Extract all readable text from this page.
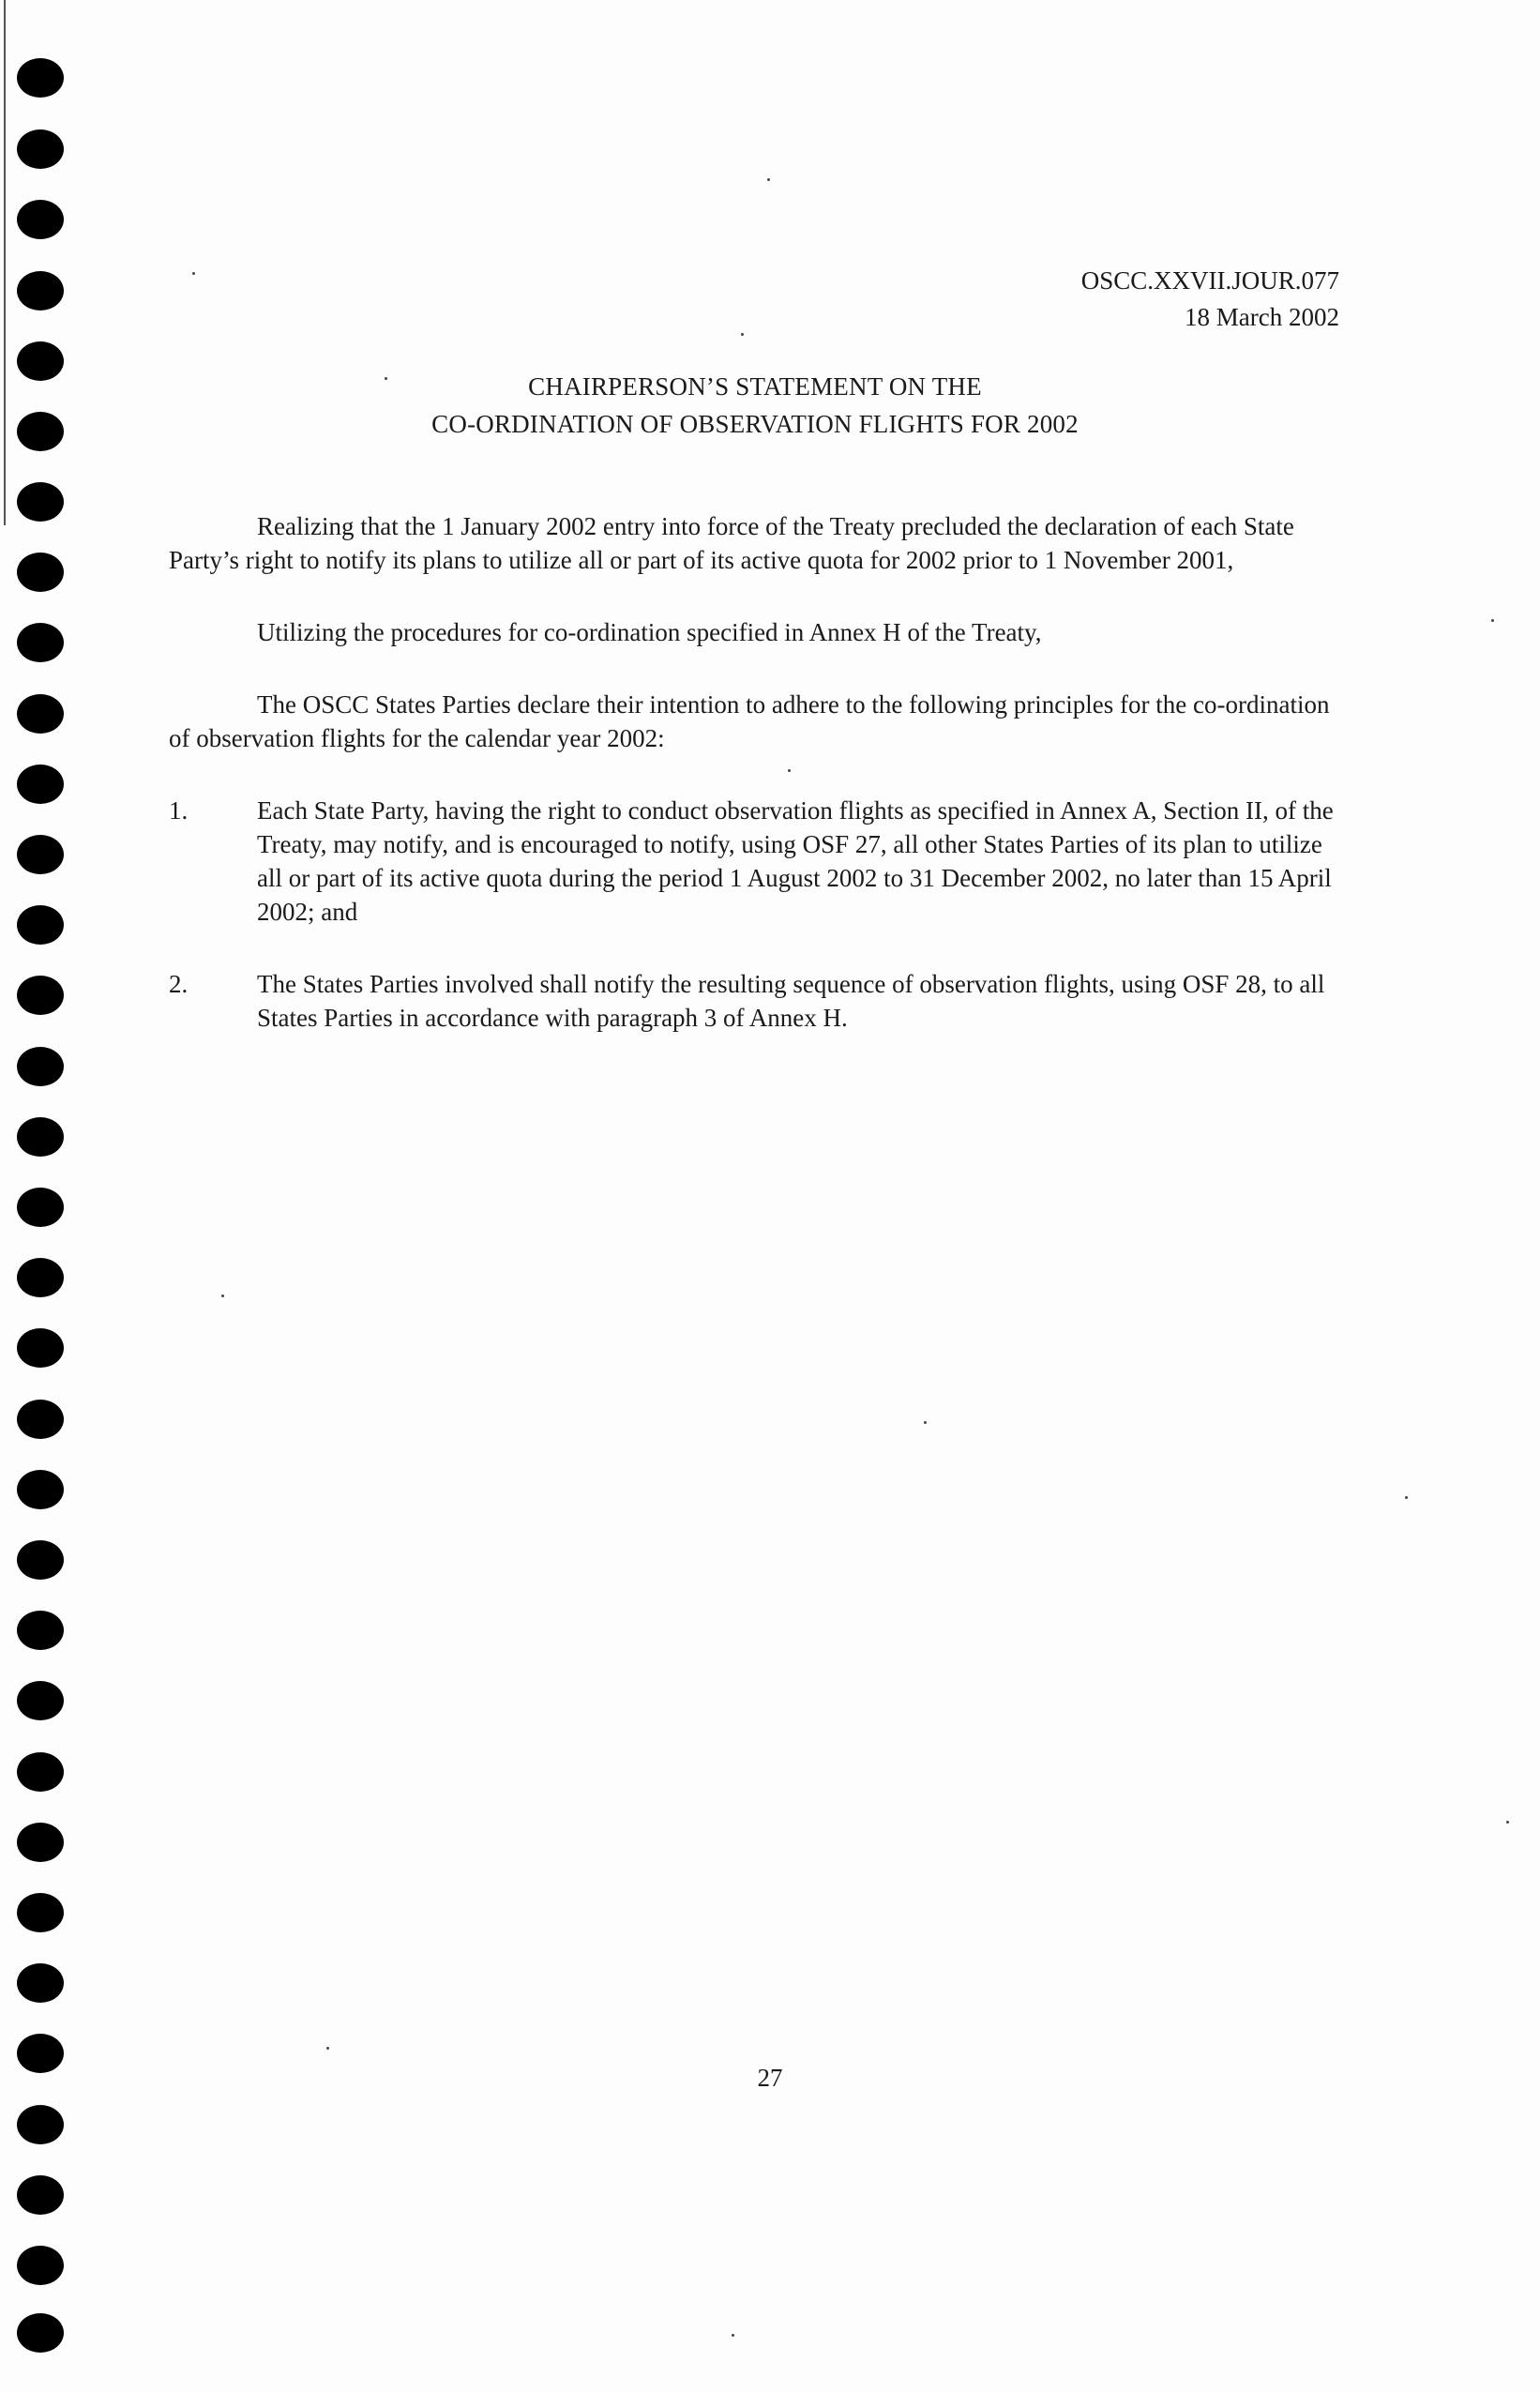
OSCC.XXVII.JOUR.077
18 March 2002
CHAIRPERSON’S STATEMENT ON THE
CO-ORDINATION OF OBSERVATION FLIGHTS FOR 2002

Realizing that the 1 January 2002 entry into force of the Treaty precluded the declaration of each State Party’s right to notify its plans to utilize all or part of its active quota for 2002 prior to 1 November 2001,

Utilizing the procedures for co-ordination specified in Annex H of the Treaty,

The OSCC States Parties declare their intention to adhere to the following principles for the co-ordination of observation flights for the calendar year 2002:

1.	Each State Party, having the right to conduct observation flights as specified in Annex A, Section II, of the Treaty, may notify, and is encouraged to notify, using OSF 27, all other States Parties of its plan to utilize all or part of its active quota during the period 1 August 2002 to 31 December 2002, no later than 15 April 2002; and

2.	The States Parties involved shall notify the resulting sequence of observation flights, using OSF 28, to all States Parties in accordance with paragraph 3 of Annex H.

27
